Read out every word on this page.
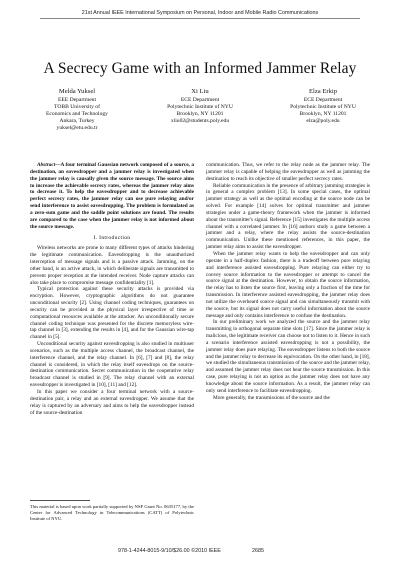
21st Annual IEEE International Symposium on Personal, Indoor and Mobile Radio Communications
A Secrecy Game with an Informed Jammer Relay
Melda Yuksel
EEE Department
TOBB University of
Economics and Technology
Ankara, Turkey
yuksel@etu.edu.tr
Xi Liu
ECE Department
Polytechnic Institute of NYU
Brooklyn, NY 11201
xliu02@students.poly.edu
Elza Erkip
ECE Department
Polytechnic Institute of NYU
Brooklyn, NY 11201
elza@poly.edu

Abstract—A four terminal Gaussian network composed of a source, a destination, an eavesdropper and a jammer relay is investigated when the jammer relay is causally given the source message. The source aims to increase the achievable secrecy rates, whereas the jammer relay aims to decrease it. To help the eavesdropper and to decrease achievable perfect secrecy rates, the jammer relay can use pure relaying and/or send interference to assist eavesdropping. The problem is formulated as a zero-sum game and the saddle point solutions are found. The results are compared to the case when the jammer relay is not informed about the source message.

I. Introduction

Wireless networks are prone to many different types of attacks hindering the legitimate communication. Eavesdropping is the unauthorized interception of message signals and is a passive attack. Jamming, on the other hand, is an active attack, in which deliberate signals are transmitted to prevent proper reception at the intended receiver. Node capture attacks can also take place to compromise message confidentiality [1].

Typical protection against these security attacks is provided via encryption. However, cryptographic algorithms do not guarantee unconditional security [2]. Using channel coding techniques, guarantees on security can be provided at the physical layer irrespective of time or computational resources available at the attacker. An unconditionally secure channel coding technique was presented for the discrete memoryless wire-tap channel in [3], extending the results in [4], and for the Gaussian wire-tap channel in [5].

Unconditional security against eavesdropping is also studied in multiuser scenarios, such as the multiple access channel, the broadcast channel, the interference channel, and the relay channel. In [6], [7] and [8], the relay channel is considered, in which the relay itself eavesdrops on the source-destination communication. Secret communication in the cooperative relay broadcast channel is studied in [9]. The relay channel with an external eavesdropper is investigated in [10], [11] and [12].

In this paper we consider a four terminal network with a source-destination pair, a relay and an external eavesdropper. We assume that the relay is captured by an adversary and aims to help the eavesdropper instead of the source-destination

This material is based upon work partially supported by NSF Grant No. 0635177, by the Center for Advanced Technology in Telecommunications (CATT) of Polytechnic Institute of NYU.

communication. Thus, we refer to the relay node as the jammer relay. The jammer relay is capable of helping the eavesdropper as well as jamming the destination to reach its objective of smaller perfect secrecy rates.

Reliable communication in the presence of arbitrary jamming strategies is in general a complex problem [13]. In some special cases, the optimal jammer strategy as well as the optimal encoding at the source node can be solved. For example [14] solves for optimal transmitter and jammer strategies under a game-theory framework when the jammer is informed about the transmitter's signal. Reference [15] investigates the multiple access channel with a correlated jammer. In [16] authors study a game between a jammer and a relay, where the relay assists the source-destination communication. Unlike these mentioned references, in this paper, the jammer relay aims to assist the eavesdropper.

When the jammer relay wants to help the eavesdropper and can only operate in a half-duplex fashion, there is a tradeoff between pure relaying and interference assisted eavesdropping. Pure relaying can either try to convey source information to the eavesdropper or attempt to cancel the source signal at the destination. However, to obtain the source information, the relay has to listen the source first, leaving only a fraction of the time for transmission. In interference assisted eavesdropping, the jammer relay does not utilize the overheard source signal and can simultaneously transmit with the source, but its signal does not carry useful information about the source message and only contains interference to confuse the destination.

In our preliminary work we analyzed the source and the jammer relay transmitting in orthogonal separate time slots [17]. Since the jammer relay is malicious, the legitimate receiver can choose not to listen to it. Hence in such a scenario interference assisted eavesdropping is not a possibility, the jammer relay does pure relaying. The eavesdropper listens to both the source and the jammer relay to decrease its equivocation. On the other hand, in [18], we studied the simultaneous transmission of the source and the jammer relay, and assumed the jammer relay does not hear the source transmission. In this case, pure relaying is not an option as the jammer relay does not have any knowledge about the source information. As a result, the jammer relay can only send interference to facilitate eavesdropping.

More generally, the transmissions of the source and the

978-1-4244-8015-9/10/$26.00 ©2010 IEEE	2685
